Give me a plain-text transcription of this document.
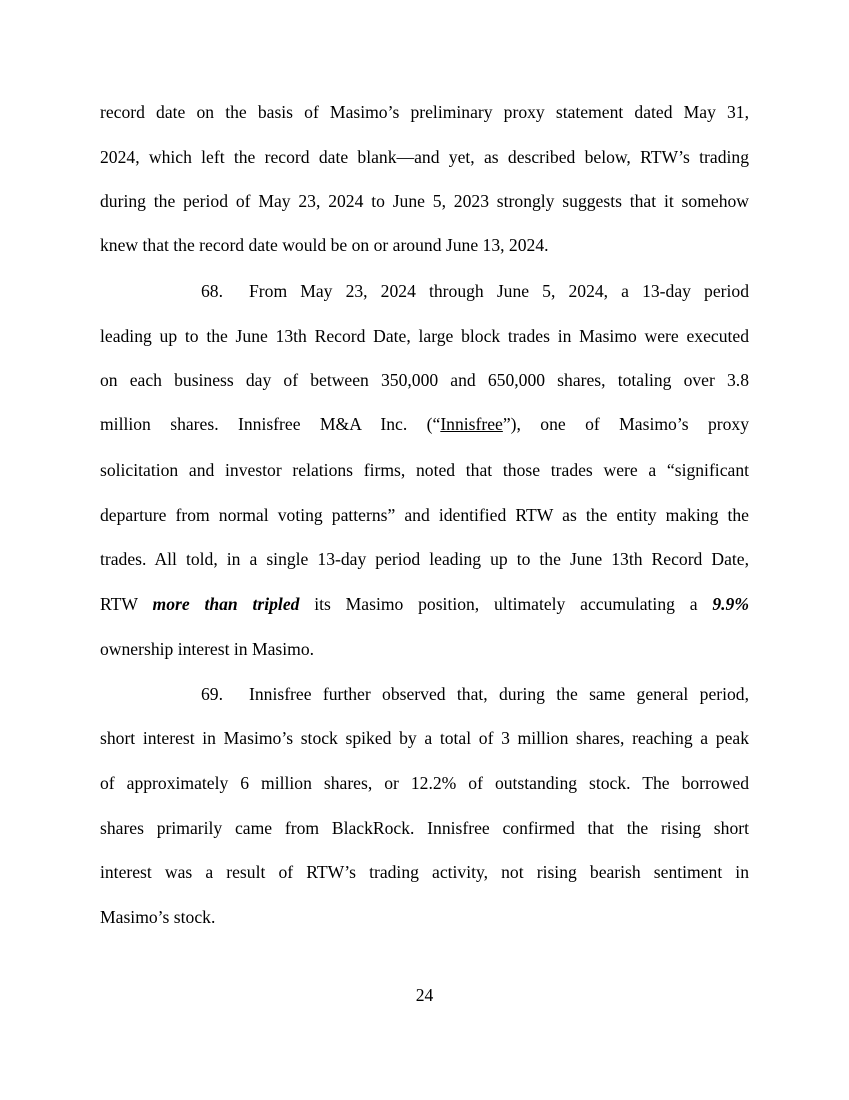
record date on the basis of Masimo’s preliminary proxy statement dated May 31,
2024, which left the record date blank—and yet, as described below, RTW’s trading
during the period of May 23, 2024 to June 5, 2023 strongly suggests that it somehow
knew that the record date would be on or around June 13, 2024.
68. From May 23, 2024 through June 5, 2024, a 13-day period
leading up to the June 13th Record Date, large block trades in Masimo were executed
on each business day of between 350,000 and 650,000 shares, totaling over 3.8
million shares. Innisfree M&A Inc. (“Innisfree”), one of Masimo’s proxy
solicitation and investor relations firms, noted that those trades were a “significant
departure from normal voting patterns” and identified RTW as the entity making the
trades. All told, in a single 13-day period leading up to the June 13th Record Date,
RTW more than tripled its Masimo position, ultimately accumulating a 9.9%
ownership interest in Masimo.
69. Innisfree further observed that, during the same general period,
short interest in Masimo’s stock spiked by a total of 3 million shares, reaching a peak
of approximately 6 million shares, or 12.2% of outstanding stock. The borrowed
shares primarily came from BlackRock. Innisfree confirmed that the rising short
interest was a result of RTW’s trading activity, not rising bearish sentiment in
Masimo’s stock.
24
